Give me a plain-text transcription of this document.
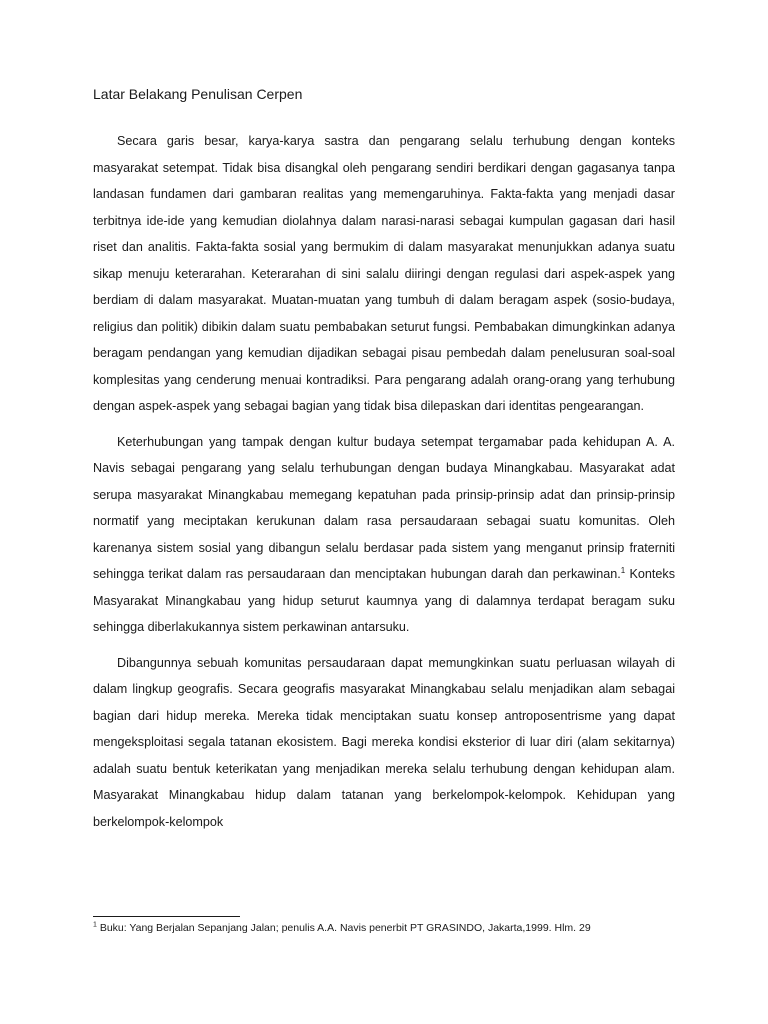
Latar Belakang Penulisan Cerpen

Secara garis besar, karya-karya sastra dan pengarang selalu terhubung dengan konteks masyarakat setempat. Tidak bisa disangkal oleh pengarang sendiri berdikari dengan gagasanya tanpa landasan fundamen dari gambaran realitas yang memengaruhinya. Fakta-fakta yang menjadi dasar terbitnya ide-ide yang kemudian diolahnya dalam narasi-narasi sebagai kumpulan gagasan dari hasil riset dan analitis. Fakta-fakta sosial yang bermukim di dalam masyarakat menunjukkan adanya suatu sikap menuju keterarahan. Keterarahan di sini salalu diiringi dengan regulasi dari aspek-aspek yang berdiam di dalam masyarakat. Muatan-muatan yang tumbuh di dalam beragam aspek (sosio-budaya, religius dan politik) dibikin dalam suatu pembabakan seturut fungsi. Pembabakan dimungkinkan adanya beragam pendangan yang kemudian dijadikan sebagai pisau pembedah dalam penelusuran soal-soal komplesitas yang cenderung menuai kontradiksi. Para pengarang adalah orang-orang yang terhubung dengan aspek-aspek yang sebagai bagian yang tidak bisa dilepaskan dari identitas pengearangan.

Keterhubungan yang tampak dengan kultur budaya setempat tergamabar pada kehidupan A. A. Navis sebagai pengarang yang selalu terhubungan dengan budaya Minangkabau. Masyarakat adat serupa masyarakat Minangkabau memegang kepatuhan pada prinsip-prinsip adat dan prinsip-prinsip normatif yang meciptakan kerukunan dalam rasa persaudaraan sebagai suatu komunitas. Oleh karenanya sistem sosial yang dibangun selalu berdasar pada sistem yang menganut prinsip fraterniti sehingga terikat dalam ras persaudaraan dan menciptakan hubungan darah dan perkawinan.$^1$ Konteks Masyarakat Minangkabau yang hidup seturut kaumnya yang di dalamnya terdapat beragam suku sehingga diberlakukannya sistem perkawinan antarsuku.

Dibangunnya sebuah komunitas persaudaraan dapat memungkinkan suatu perluasan wilayah di dalam lingkup geografis. Secara geografis masyarakat Minangkabau selalu menjadikan alam sebagai bagian dari hidup mereka. Mereka tidak menciptakan suatu konsep antroposentrisme yang dapat mengeksploitasi segala tatanan ekosistem. Bagi mereka kondisi eksterior di luar diri (alam sekitarnya) adalah suatu bentuk keterikatan yang menjadikan mereka selalu terhubung dengan kehidupan alam. Masyarakat Minangkabau hidup dalam tatanan yang berkelompok-kelompok. Kehidupan yang berkelompok-kelompok

$^1$ Buku: Yang Berjalan Sepanjang Jalan; penulis A.A. Navis penerbit PT GRASINDO, Jakarta,1999. Hlm. 29
